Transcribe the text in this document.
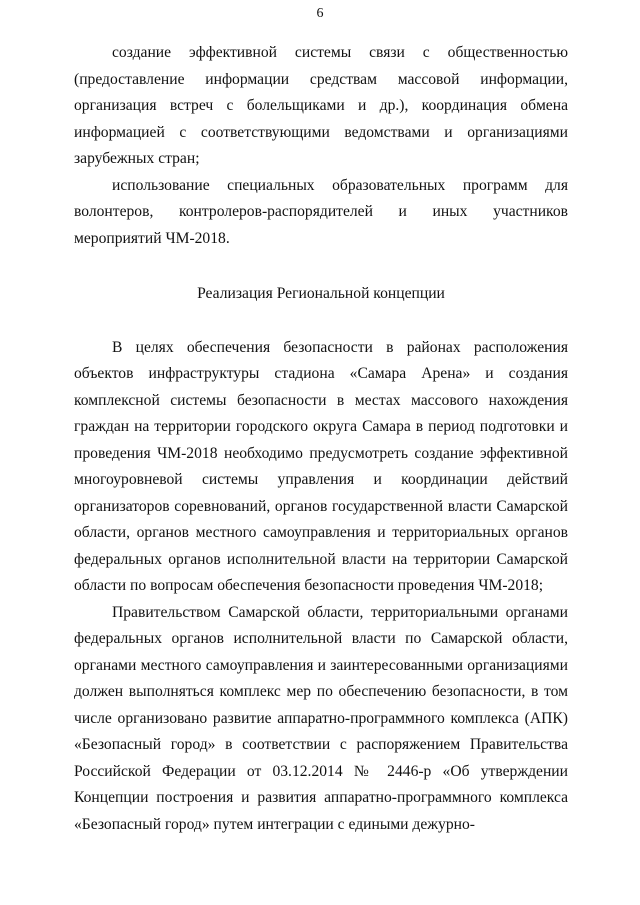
6

создание эффективной системы связи с общественностью (предоставление информации средствам массовой информации, организация встреч с болельщиками и др.), координация обмена информацией с соответствующими ведомствами и организациями зарубежных стран;

использование специальных образовательных программ для волонтеров, контролеров-распорядителей и иных участников мероприятий ЧМ-2018.

Реализация Региональной концепции

В целях обеспечения безопасности в районах расположения объектов инфраструктуры стадиона «Самара Арена» и создания комплексной системы безопасности в местах массового нахождения граждан на территории городского округа Самара в период подготовки и проведения ЧМ-2018 необходимо предусмотреть создание эффективной многоуровневой системы управления и координации действий организаторов соревнований, органов государственной власти Самарской области, органов местного самоуправления и территориальных органов федеральных органов исполнительной власти на территории Самарской области по вопросам обеспечения безопасности проведения ЧМ-2018;

Правительством Самарской области, территориальными органами федеральных органов исполнительной власти по Самарской области, органами местного самоуправления и заинтересованными организациями должен выполняться комплекс мер по обеспечению безопасности, в том числе организовано развитие аппаратно-программного комплекса (АПК) «Безопасный город» в соответствии с распоряжением Правительства Российской Федерации от 03.12.2014 № 2446-р «Об утверждении Концепции построения и развития аппаратно-программного комплекса «Безопасный город» путем интеграции с едиными дежурно-
